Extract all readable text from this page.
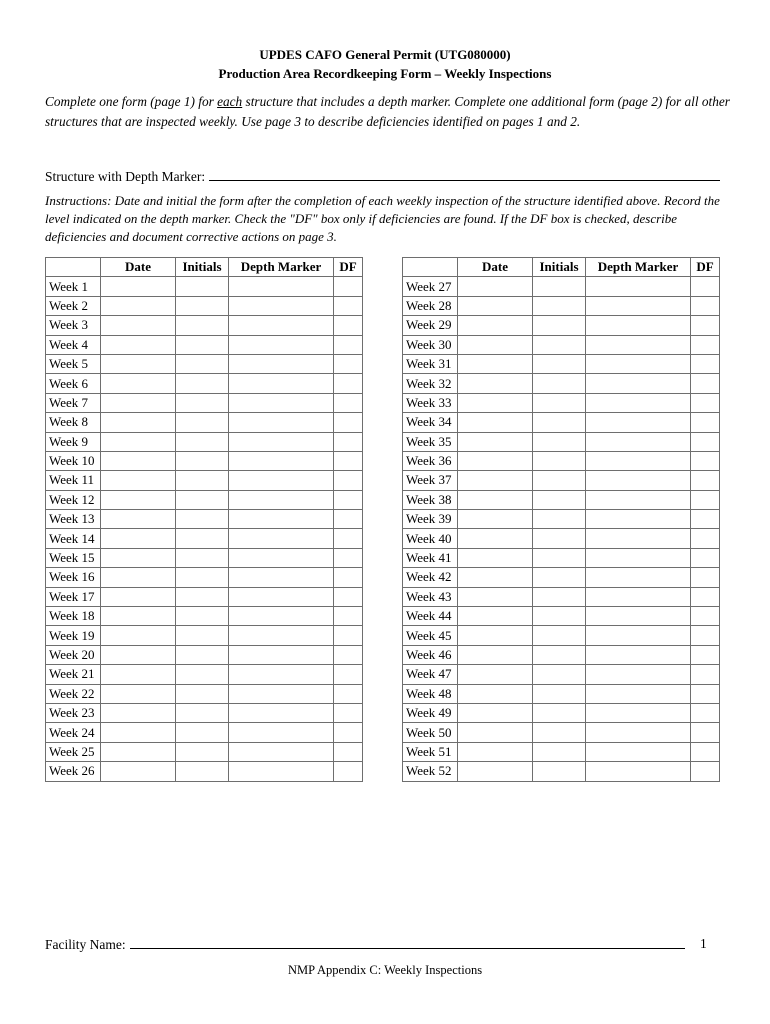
UPDES CAFO General Permit (UTG080000)
Production Area Recordkeeping Form – Weekly Inspections
Complete one form (page 1) for each structure that includes a depth marker. Complete one additional form (page 2) for all other structures that are inspected weekly. Use page 3 to describe deficiencies identified on pages 1 and 2.
Structure with Depth Marker:
Instructions: Date and initial the form after the completion of each weekly inspection of the structure identified above. Record the level indicated on the depth marker. Check the "DF" box only if deficiencies are found. If the DF box is checked, describe deficiencies and document corrective actions on page 3.
	Date	Initials	Depth Marker	DF
Week 1				
Week 2				
Week 3				
Week 4				
Week 5				
Week 6				
Week 7				
Week 8				
Week 9				
Week 10				
Week 11				
Week 12				
Week 13				
Week 14				
Week 15				
Week 16				
Week 17				
Week 18				
Week 19				
Week 20				
Week 21				
Week 22				
Week 23				
Week 24				
Week 25				
Week 26				
	Date	Initials	Depth Marker	DF
Week 27				
Week 28				
Week 29				
Week 30				
Week 31				
Week 32				
Week 33				
Week 34				
Week 35				
Week 36				
Week 37				
Week 38				
Week 39				
Week 40				
Week 41				
Week 42				
Week 43				
Week 44				
Week 45				
Week 46				
Week 47				
Week 48				
Week 49				
Week 50				
Week 51				
Week 52				
Facility Name:	1
NMP Appendix C: Weekly Inspections
